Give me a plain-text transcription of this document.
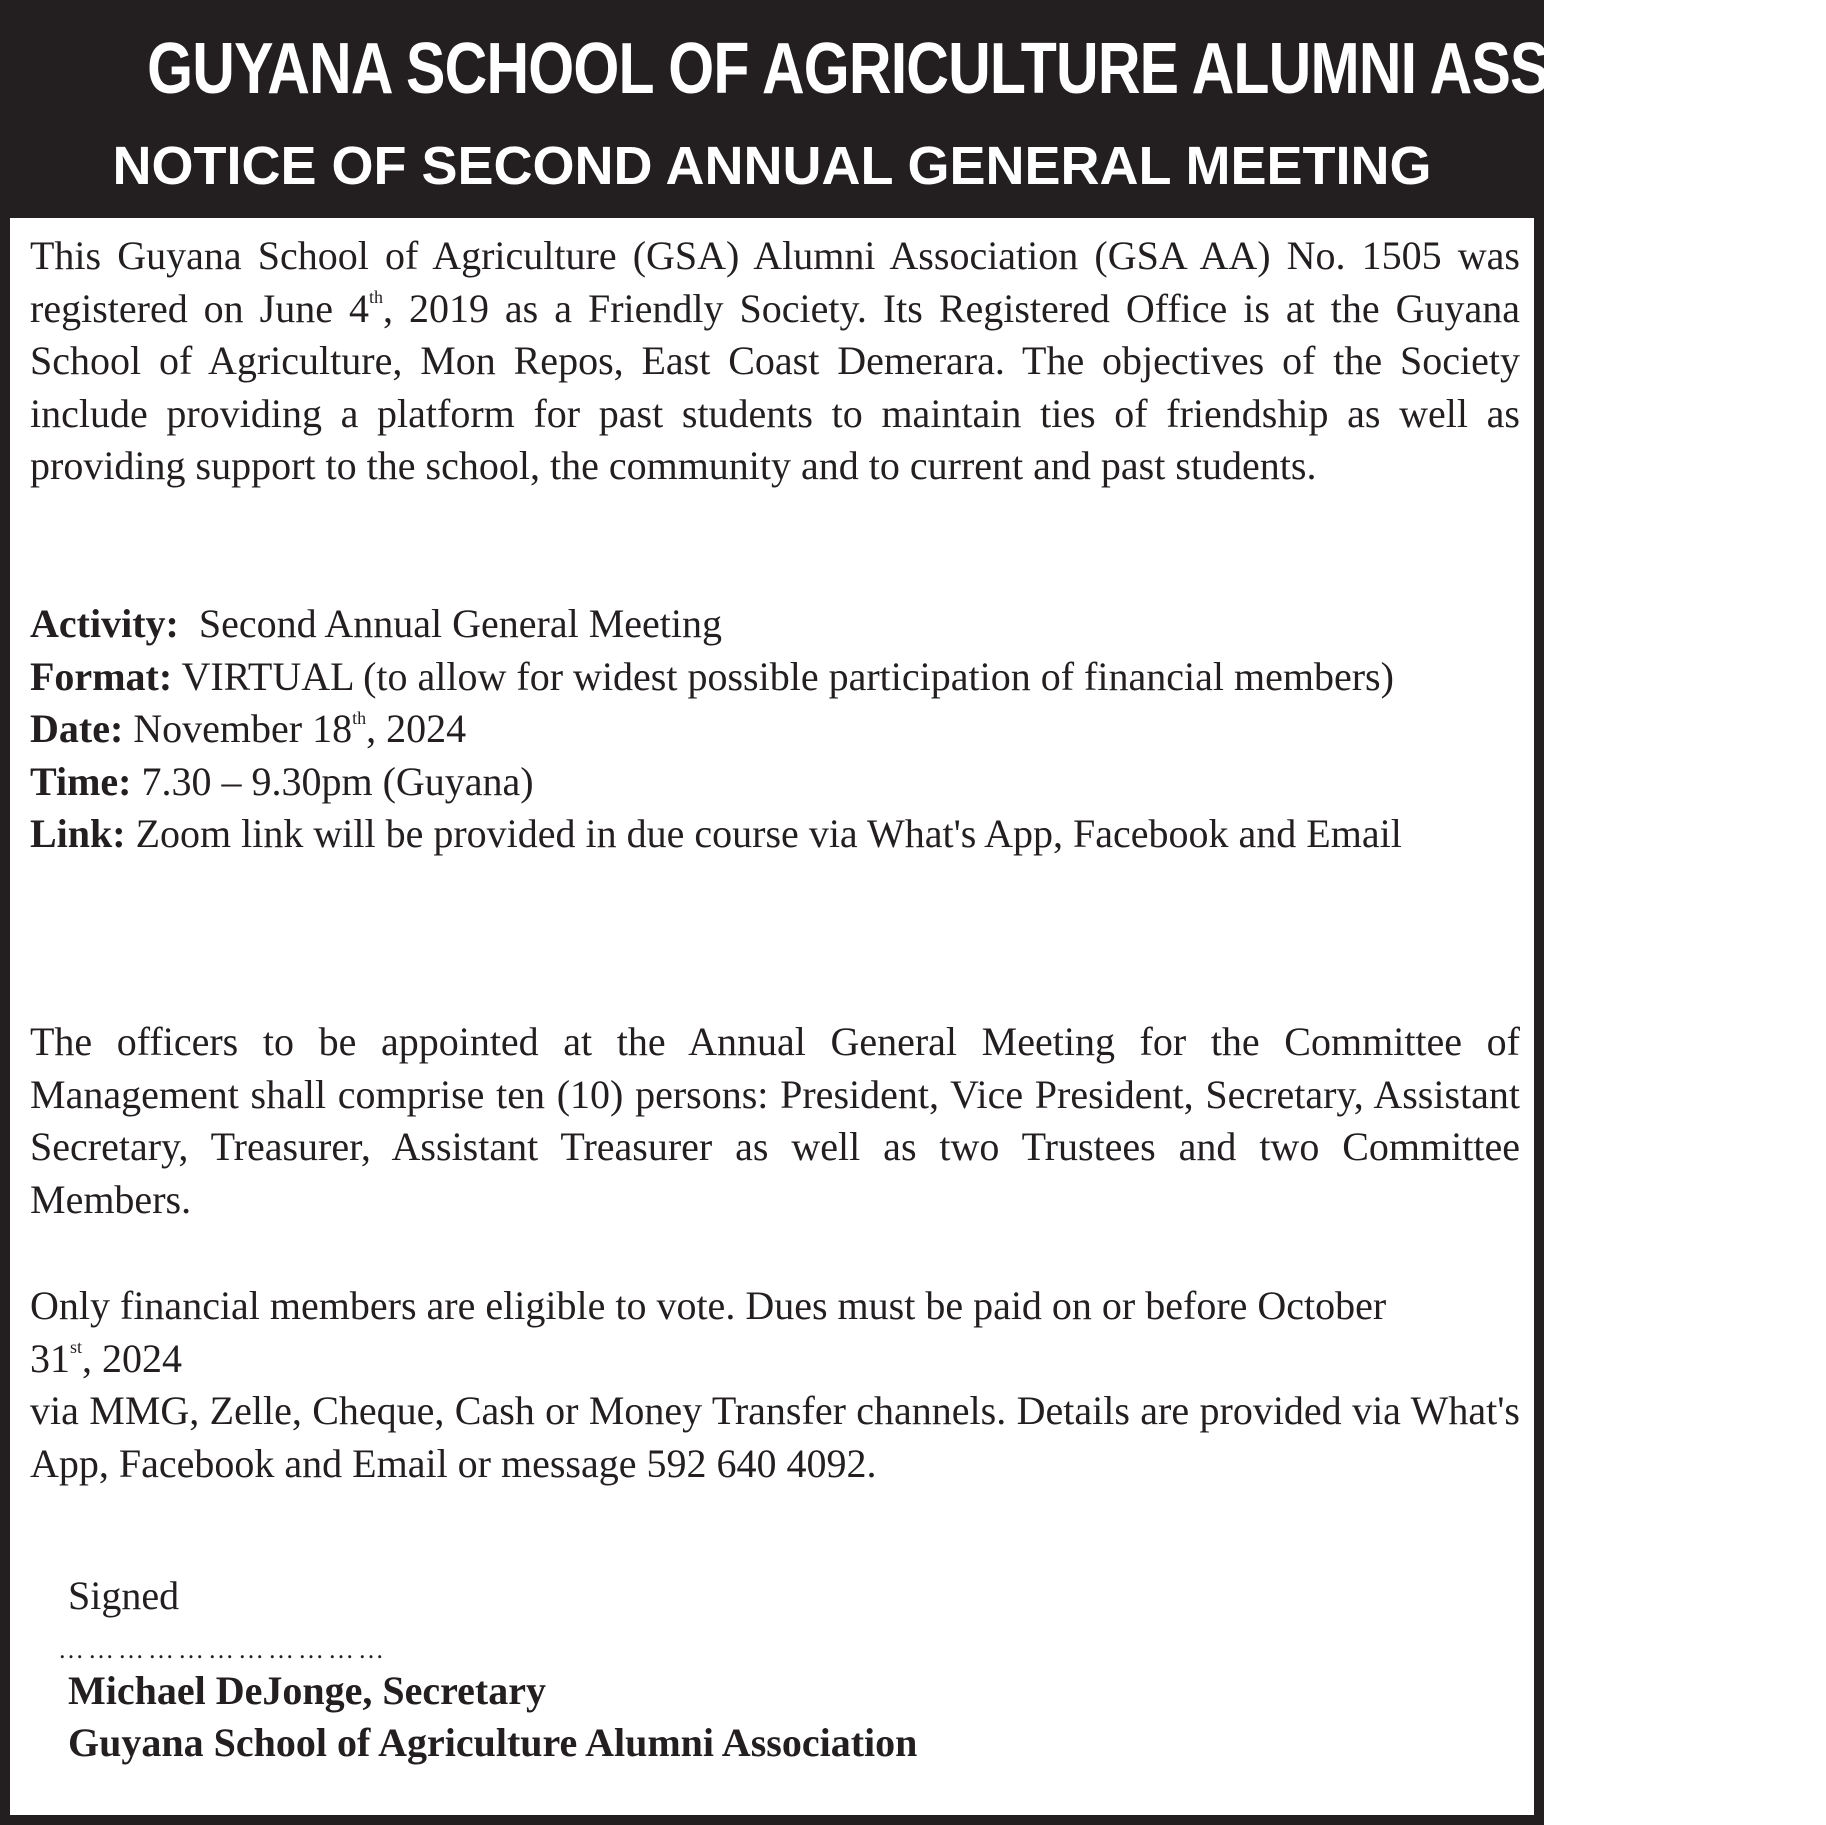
GUYANA SCHOOL OF AGRICULTURE ALUMNI ASSOCIATION
NOTICE OF SECOND ANNUAL GENERAL MEETING
This Guyana School of Agriculture (GSA) Alumni Association (GSA AA) No. 1505 was registered on June 4th, 2019 as a Friendly Society. Its Registered Office is at the Guyana School of Agriculture, Mon Repos, East Coast Demerara. The objectives of the Society include providing a platform for past students to maintain ties of friendship as well as providing support to the school, the community and to current and past students.
Activity: Second Annual General Meeting
Format: VIRTUAL (to allow for widest possible participation of financial members)
Date: November 18th, 2024
Time: 7.30 – 9.30pm (Guyana)
Link: Zoom link will be provided in due course via What's App, Facebook and Email
The officers to be appointed at the Annual General Meeting for the Committee of Management shall comprise ten (10) persons: President, Vice President, Secretary, Assistant Secretary, Treasurer, Assistant Treasurer as well as two Trustees and two Committee Members.
Only financial members are eligible to vote. Dues must be paid on or before October
31st, 2024
via MMG, Zelle, Cheque, Cash or Money Transfer channels. Details are provided via What's App, Facebook and Email or message 592 640 4092.
Signed
……………………………
Michael DeJonge, Secretary
Guyana School of Agriculture Alumni Association
